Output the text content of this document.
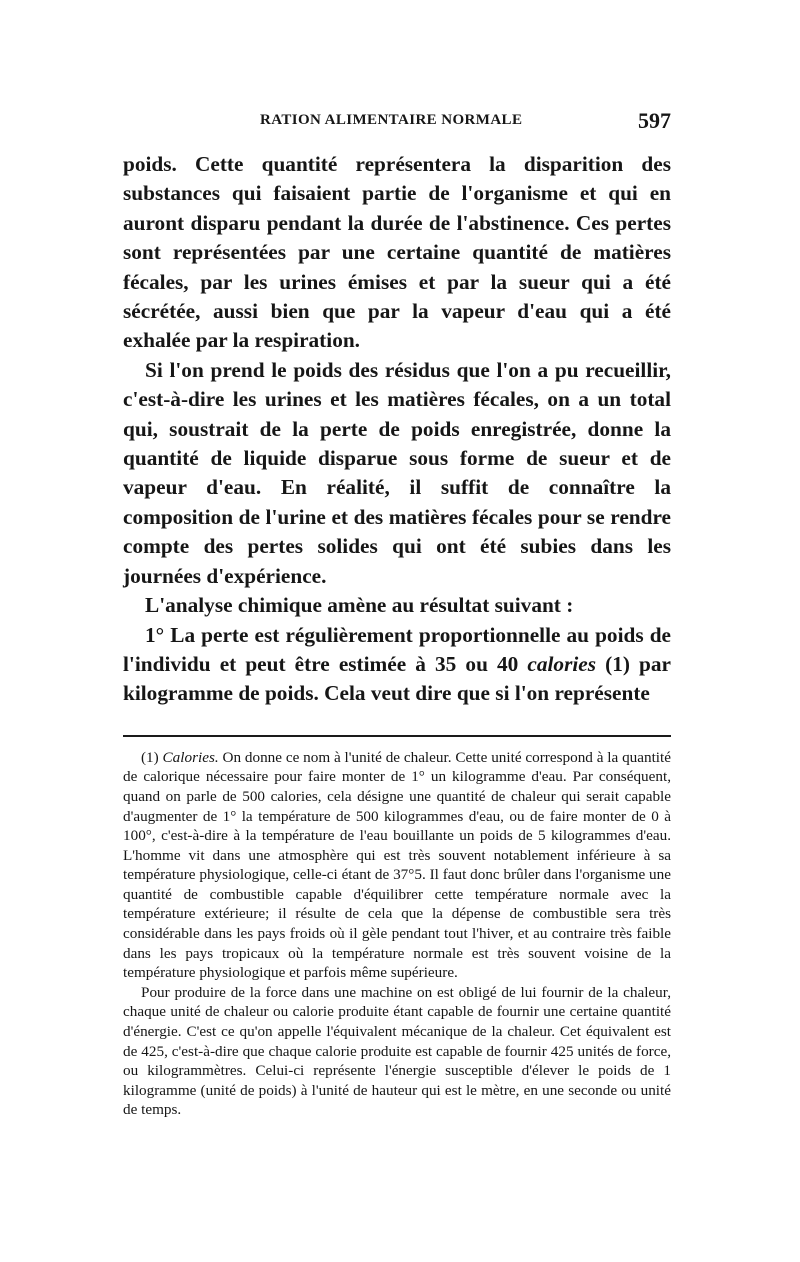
RATION ALIMENTAIRE NORMALE	597

poids. Cette quantité représentera la disparition des substances qui faisaient partie de l'organisme et qui en auront disparu pendant la durée de l'abstinence. Ces pertes sont représentées par une certaine quantité de matières fécales, par les urines émises et par la sueur qui a été sécrétée, aussi bien que par la vapeur d'eau qui a été exhalée par la respiration.

Si l'on prend le poids des résidus que l'on a pu recueillir, c'est-à-dire les urines et les matières fécales, on a un total qui, soustrait de la perte de poids enregistrée, donne la quantité de liquide disparue sous forme de sueur et de vapeur d'eau. En réalité, il suffit de connaître la composition de l'urine et des matières fécales pour se rendre compte des pertes solides qui ont été subies dans les journées d'expérience.

L'analyse chimique amène au résultat suivant :

1° La perte est régulièrement proportionnelle au poids de l'individu et peut être estimée à 35 ou 40 calories (1) par kilogramme de poids. Cela veut dire que si l'on représente

(1) Calories. On donne ce nom à l'unité de chaleur. Cette unité correspond à la quantité de calorique nécessaire pour faire monter de 1° un kilogramme d'eau. Par conséquent, quand on parle de 500 calories, cela désigne une quantité de chaleur qui serait capable d'augmenter de 1° la température de 500 kilogrammes d'eau, ou de faire monter de 0 à 100°, c'est-à-dire à la température de l'eau bouillante un poids de 5 kilogrammes d'eau. L'homme vit dans une atmosphère qui est très souvent notablement inférieure à sa température physiologique, celle-ci étant de 37°5. Il faut donc brûler dans l'organisme une quantité de combustible capable d'équilibrer cette température normale avec la température extérieure; il résulte de cela que la dépense de combustible sera très considérable dans les pays froids où il gèle pendant tout l'hiver, et au contraire très faible dans les pays tropicaux où la température normale est très souvent voisine de la température physiologique et parfois même supérieure.

Pour produire de la force dans une machine on est obligé de lui fournir de la chaleur, chaque unité de chaleur ou calorie produite étant capable de fournir une certaine quantité d'énergie. C'est ce qu'on appelle l'équivalent mécanique de la chaleur. Cet équivalent est de 425, c'est-à-dire que chaque calorie produite est capable de fournir 425 unités de force, ou kilogrammètres. Celui-ci représente l'énergie susceptible d'élever le poids de 1 kilogramme (unité de poids) à l'unité de hauteur qui est le mètre, en une seconde ou unité de temps.
